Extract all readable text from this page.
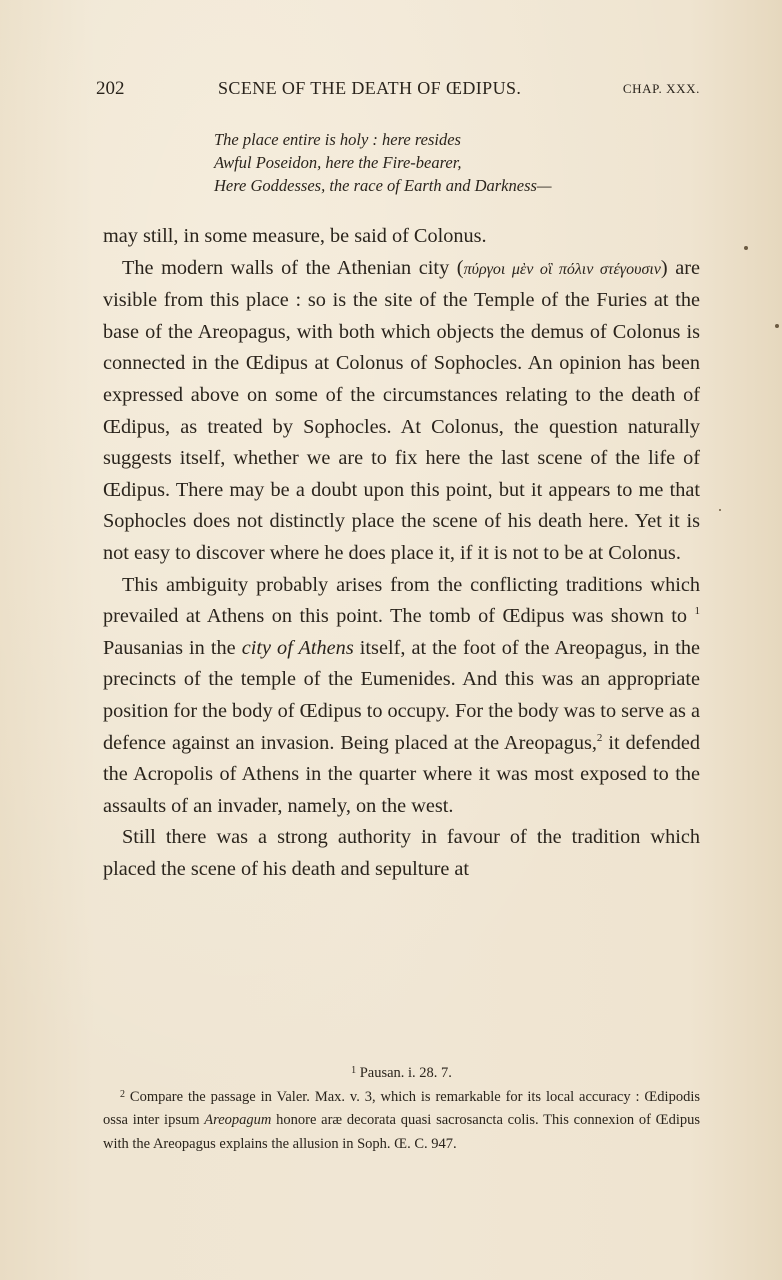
202	SCENE OF THE DEATH OF ŒDIPUS.	CHAP. XXX.
The place entire is holy : here resides
Awful Poseidon, here the Fire-bearer,
Here Goddesses, the race of Earth and Darkness—

may still, in some measure, be said of Colonus.

The modern walls of the Athenian city (πύργοι μὲν οἳ πόλιν στέγουσιν) are visible from this place : so is the site of the Temple of the Furies at the base of the Areopagus, with both which objects the demus of Colonus is connected in the Œdipus at Colonus of Sophocles. An opinion has been expressed above on some of the circumstances relating to the death of Œdipus, as treated by Sophocles. At Colonus, the question naturally suggests itself, whether we are to fix here the last scene of the life of Œdipus. There may be a doubt upon this point, but it appears to me that Sophocles does not distinctly place the scene of his death here. Yet it is not easy to discover where he does place it, if it is not to be at Colonus.

This ambiguity probably arises from the conflicting traditions which prevailed at Athens on this point. The tomb of Œdipus was shown to $^1$ Pausanias in the city of Athens itself, at the foot of the Areopagus, in the precincts of the temple of the Eumenides. And this was an appropriate position for the body of Œdipus to occupy. For the body was to serve as a defence against an invasion. Being placed at the Areopagus,$^2$ it defended the Acropolis of Athens in the quarter where it was most exposed to the assaults of an invader, namely, on the west.

Still there was a strong authority in favour of the tradition which placed the scene of his death and sepulture at

$^1$ Pausan. i. 28. 7.

$^2$ Compare the passage in Valer. Max. v. 3, which is remarkable for its local accuracy : Œdipodis ossa inter ipsum Areopagum honore aræ decorata quasi sacrosancta colis. This connexion of Œdipus with the Areopagus explains the allusion in Soph. Œ. C. 947.
